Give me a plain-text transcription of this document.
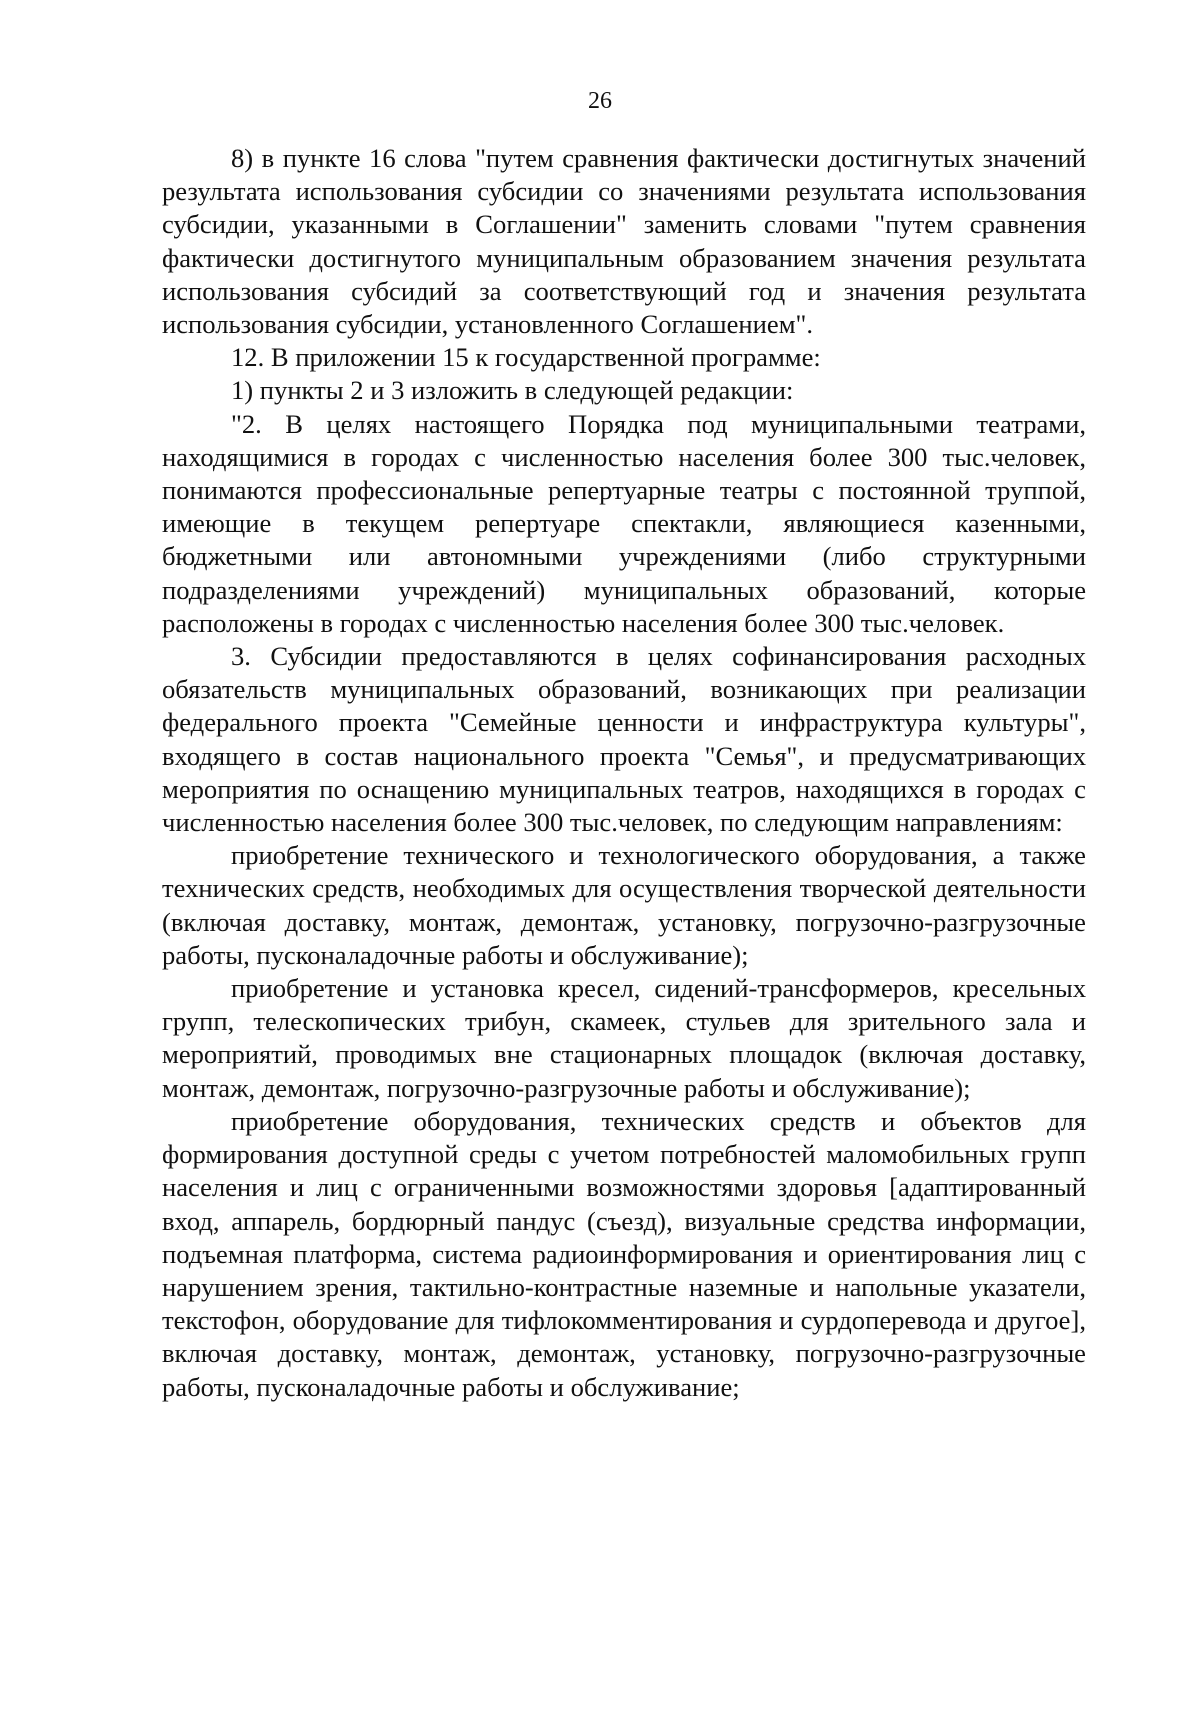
26

8) в пункте 16 слова "путем сравнения фактически достигнутых значений результата использования субсидии со значениями результата использования субсидии, указанными в Соглашении" заменить словами "путем сравнения фактически достигнутого муниципальным образованием значения результата использования субсидий за соответствующий год и значения результата использования субсидии, установленного Соглашением".

12. В приложении 15 к государственной программе:

1) пункты 2 и 3 изложить в следующей редакции:

"2. В целях настоящего Порядка под муниципальными театрами, находящимися в городах с численностью населения более 300 тыс.человек, понимаются профессиональные репертуарные театры с постоянной труппой, имеющие в текущем репертуаре спектакли, являющиеся казенными, бюджетными или автономными учреждениями (либо структурными подразделениями учреждений) муниципальных образований, которые расположены в городах с численностью населения более 300 тыс.человек.

3. Субсидии предоставляются в целях софинансирования расходных обязательств муниципальных образований, возникающих при реализации федерального проекта "Семейные ценности и инфраструктура культуры", входящего в состав национального проекта "Семья", и предусматривающих мероприятия по оснащению муниципальных театров, находящихся в городах с численностью населения более 300 тыс.человек, по следующим направлениям:

приобретение технического и технологического оборудования, а также технических средств, необходимых для осуществления творческой деятельности (включая доставку, монтаж, демонтаж, установку, погрузочно-разгрузочные работы, пусконаладочные работы и обслуживание);

приобретение и установка кресел, сидений-трансформеров, кресельных групп, телескопических трибун, скамеек, стульев для зрительного зала и мероприятий, проводимых вне стационарных площадок (включая доставку, монтаж, демонтаж, погрузочно-разгрузочные работы и обслуживание);

приобретение оборудования, технических средств и объектов для формирования доступной среды с учетом потребностей маломобильных групп населения и лиц с ограниченными возможностями здоровья [адаптированный вход, аппарель, бордюрный пандус (съезд), визуальные средства информации, подъемная платформа, система радиоинформирования и ориентирования лиц с нарушением зрения, тактильно-контрастные наземные и напольные указатели, текстофон, оборудование для тифлокомментирования и сурдоперевода и другое], включая доставку, монтаж, демонтаж, установку, погрузочно-разгрузочные работы, пусконаладочные работы и обслуживание;
